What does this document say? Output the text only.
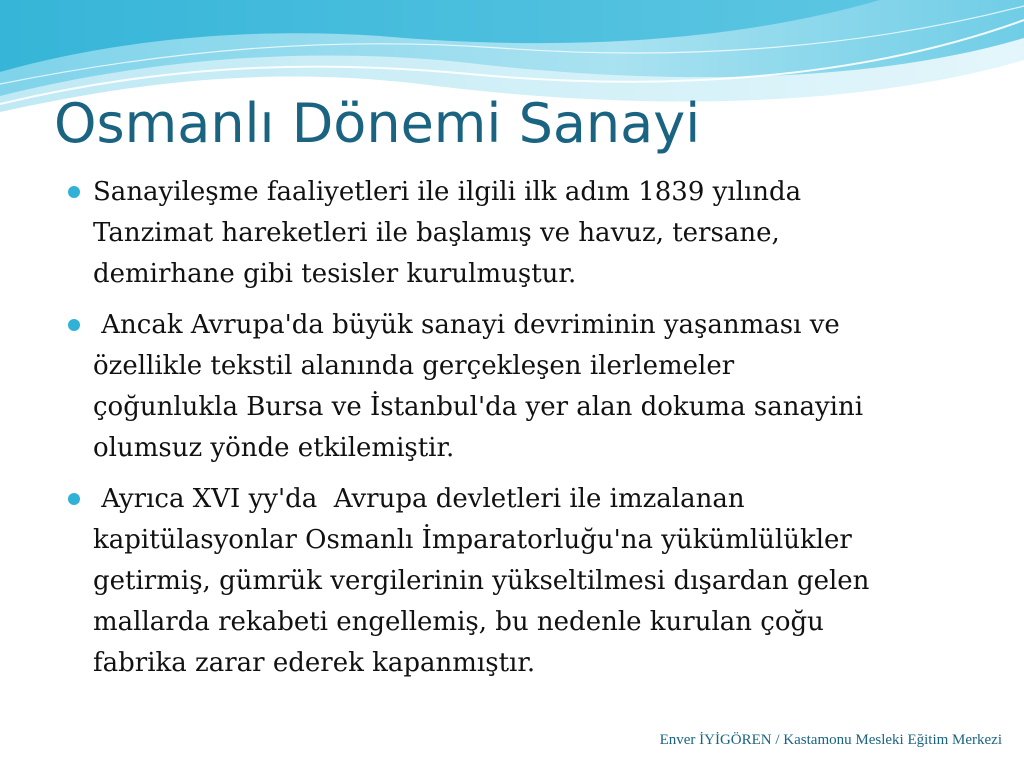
Osmanlı Dönemi Sanayi
Sanayileşme faaliyetleri ile ilgili ilk adım 1839 yılında
Tanzimat hareketleri ile başlamış ve havuz, tersane,
demirhane gibi tesisler kurulmuştur.
Ancak Avrupa'da büyük sanayi devriminin yaşanması ve
özellikle tekstil alanında gerçekleşen ilerlemeler
çoğunlukla Bursa ve İstanbul'da yer alan dokuma sanayini
olumsuz yönde etkilemiştir.
Ayrıca XVI yy'da  Avrupa devletleri ile imzalanan
kapitülasyonlar Osmanlı İmparatorluğu'na yükümlülükler
getirmiş, gümrük vergilerinin yükseltilmesi dışardan gelen
mallarda rekabeti engellemiş, bu nedenle kurulan çoğu
fabrika zarar ederek kapanmıştır.
Enver İYİGÖREN / Kastamonu Mesleki Eğitim Merkezi
